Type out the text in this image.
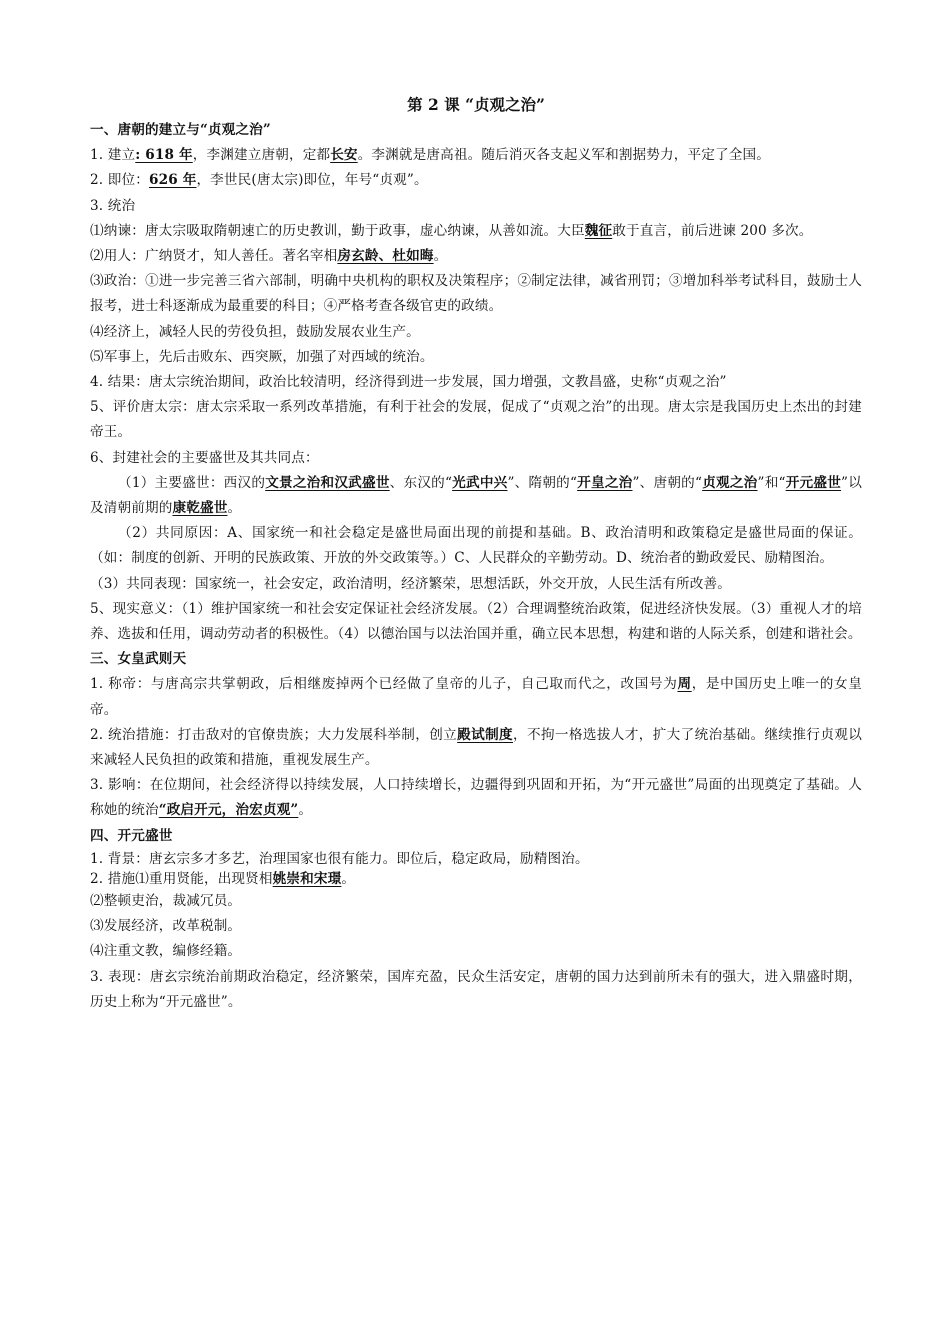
第 2 课 “贞观之治”

一、唐朝的建立与“贞观之治”

1. 建立: 618 年，李渊建立唐朝，定都长安。李渊就是唐高祖。随后消灭各支起义军和割据势力，平定了全国。

2. 即位：626 年，李世民(唐太宗)即位，年号“贞观”。

3. 统治

⑴纳谏：唐太宗吸取隋朝速亡的历史教训，勤于政事，虚心纳谏，从善如流。大臣魏征敢于直言，前后进谏 200 多次。

⑵用人：广纳贤才，知人善任。著名宰相房玄龄、杜如晦。

⑶政治：①进一步完善三省六部制，明确中央机构的职权及决策程序；②制定法律，减省刑罚；③增加科举考试科目，鼓励士人报考，进士科逐渐成为最重要的科目；④严格考查各级官吏的政绩。

⑷经济上，减轻人民的劳役负担，鼓励发展农业生产。

⑸军事上，先后击败东、西突厥，加强了对西域的统治。

4. 结果：唐太宗统治期间，政治比较清明，经济得到进一步发展，国力增强，文教昌盛，史称“贞观之治”

5、评价唐太宗：唐太宗采取一系列改革措施，有利于社会的发展，促成了“贞观之治”的出现。唐太宗是我国历史上杰出的封建帝王。

6、封建社会的主要盛世及其共同点：

（1）主要盛世：西汉的文景之治和汉武盛世、东汉的“光武中兴”、隋朝的“开皇之治”、唐朝的“贞观之治”和“开元盛世”以及清朝前期的康乾盛世。

（2）共同原因：A、国家统一和社会稳定是盛世局面出现的前提和基础。B、政治清明和政策稳定是盛世局面的保证。（如：制度的创新、开明的民族政策、开放的外交政策等。）C、人民群众的辛勤劳动。D、统治者的勤政爱民、励精图治。

（3）共同表现：国家统一，社会安定，政治清明，经济繁荣，思想活跃，外交开放，人民生活有所改善。

5、现实意义：（1）维护国家统一和社会安定保证社会经济发展。（2）合理调整统治政策，促进经济快发展。（3）重视人才的培养、选拔和任用，调动劳动者的积极性。（4）以德治国与以法治国并重，确立民本思想，构建和谐的人际关系，创建和谐社会。

三、女皇武则天

1. 称帝：与唐高宗共掌朝政，后相继废掉两个已经做了皇帝的儿子，自己取而代之，改国号为周，是中国历史上唯一的女皇帝。

2. 统治措施：打击敌对的官僚贵族；大力发展科举制，创立殿试制度，不拘一格选拔人才，扩大了统治基础。继续推行贞观以来减轻人民负担的政策和措施，重视发展生产。

3. 影响：在位期间，社会经济得以持续发展，人口持续增长，边疆得到巩固和开拓，为“开元盛世”局面的出现奠定了基础。人称她的统治“政启开元，治宏贞观”。

四、开元盛世

1. 背景：唐玄宗多才多艺，治理国家也很有能力。即位后，稳定政局，励精图治。

2. 措施⑴重用贤能，出现贤相姚崇和宋璟。

⑵整顿吏治，裁减冗员。

⑶发展经济，改革税制。

⑷注重文教，编修经籍。

3. 表现：唐玄宗统治前期政治稳定，经济繁荣，国库充盈，民众生活安定，唐朝的国力达到前所未有的强大，进入鼎盛时期，历史上称为“开元盛世”。
